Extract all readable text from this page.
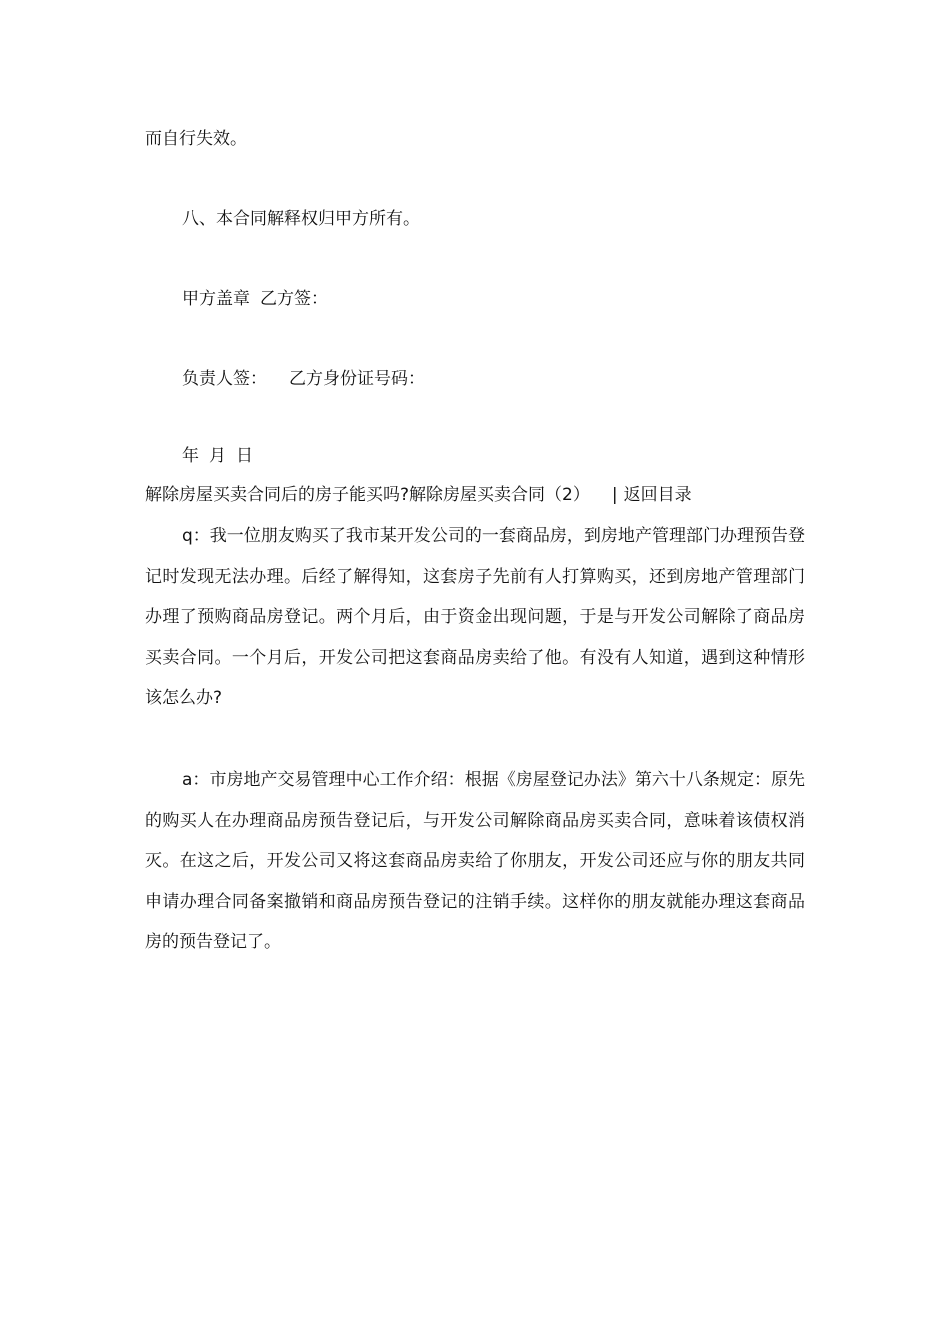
而自行失效。

八、本合同解释权归甲方所有。

甲方盖章 乙方签：

负责人签： 乙方身份证号码：

年 月 日

解除房屋买卖合同后的房子能买吗?解除房屋买卖合同（2） | 返回目录

q：我一位朋友购买了我市某开发公司的一套商品房，到房地产管理部门办理预告登记时发现无法办理。后经了解得知，这套房子先前有人打算购买，还到房地产管理部门办理了预购商品房登记。两个月后，由于资金出现问题，于是与开发公司解除了商品房买卖合同。一个月后，开发公司把这套商品房卖给了他。有没有人知道，遇到这种情形该怎么办?

a：市房地产交易管理中心工作介绍：根据《房屋登记办法》第六十八条规定：原先的购买人在办理商品房预告登记后，与开发公司解除商品房买卖合同，意味着该债权消灭。在这之后，开发公司又将这套商品房卖给了你朋友，开发公司还应与你的朋友共同申请办理合同备案撤销和商品房预告登记的注销手续。这样你的朋友就能办理这套商品房的预告登记了。
